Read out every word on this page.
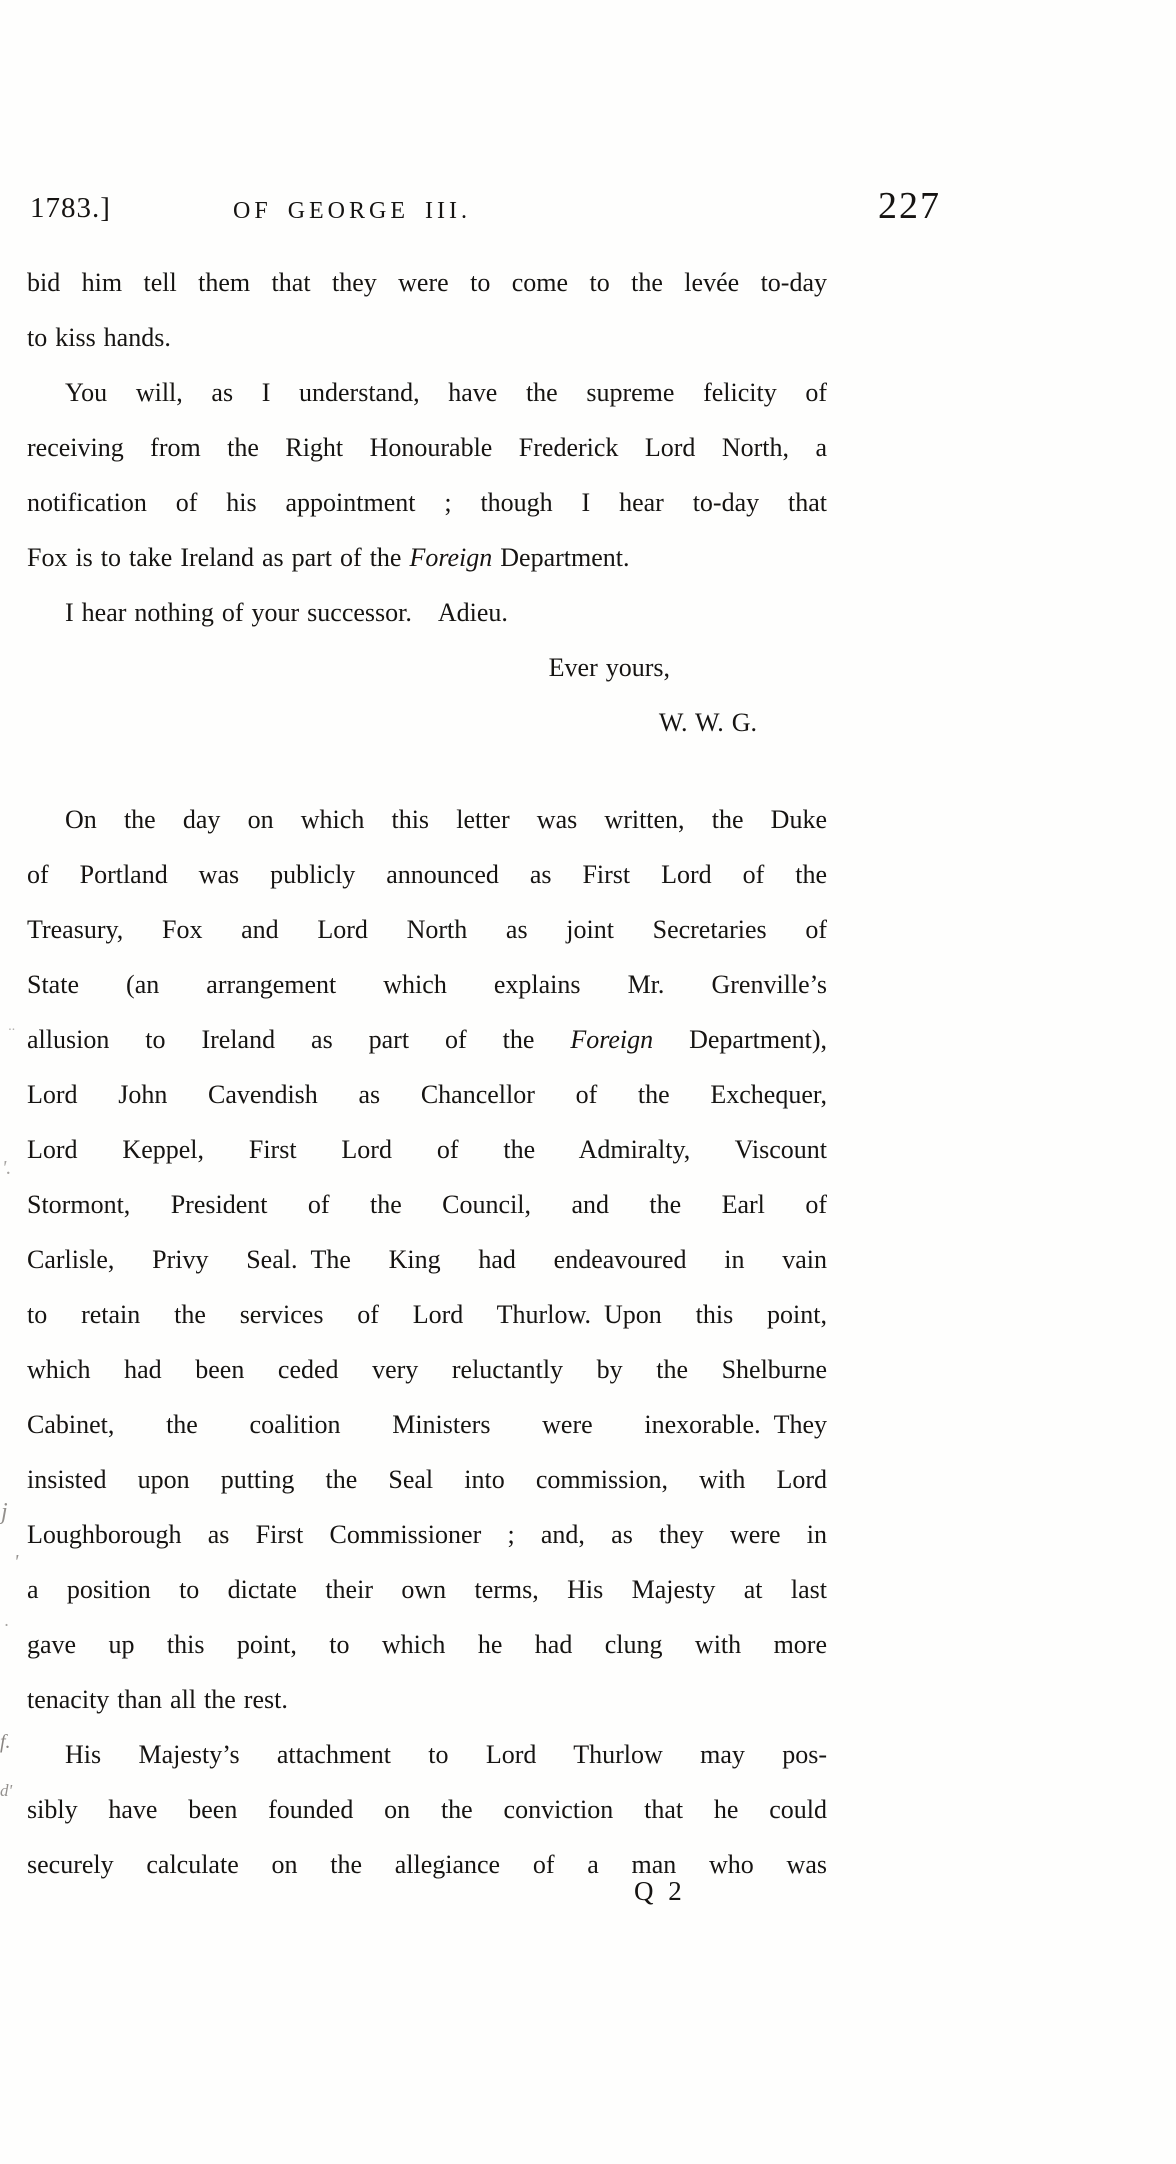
1783.]	OF GEORGE III.	227
bid him tell them that they were to come to the levée to-day
to kiss hands.
You will, as I understand, have the supreme felicity of
receiving from the Right Honourable Frederick Lord North, a
notification of his appointment ; though I hear to-day that
Fox is to take Ireland as part of the Foreign Department.
I hear nothing of your successor.  Adieu.
Ever yours,
W. W. G.
On the day on which this letter was written, the Duke
of Portland was publicly announced as First Lord of the
Treasury, Fox and Lord North as joint Secretaries of
State (an arrangement which explains Mr. Grenville’s
allusion to Ireland as part of the Foreign Department),
Lord John Cavendish as Chancellor of the Exchequer,
Lord Keppel, First Lord of the Admiralty, Viscount
Stormont, President of the Council, and the Earl of
Carlisle, Privy Seal. The King had endeavoured in vain
to retain the services of Lord Thurlow. Upon this point,
which had been ceded very reluctantly by the Shelburne
Cabinet, the coalition Ministers were inexorable. They
insisted upon putting the Seal into commission, with Lord
Loughborough as First Commissioner ; and, as they were in
a position to dictate their own terms, His Majesty at last
gave up this point, to which he had clung with more
tenacity than all the rest.
His Majesty’s attachment to Lord Thurlow may pos-
sibly have been founded on the conviction that he could
securely calculate on the allegiance of a man who was
Q 2
··
'.
j
'
·
f.
d'
